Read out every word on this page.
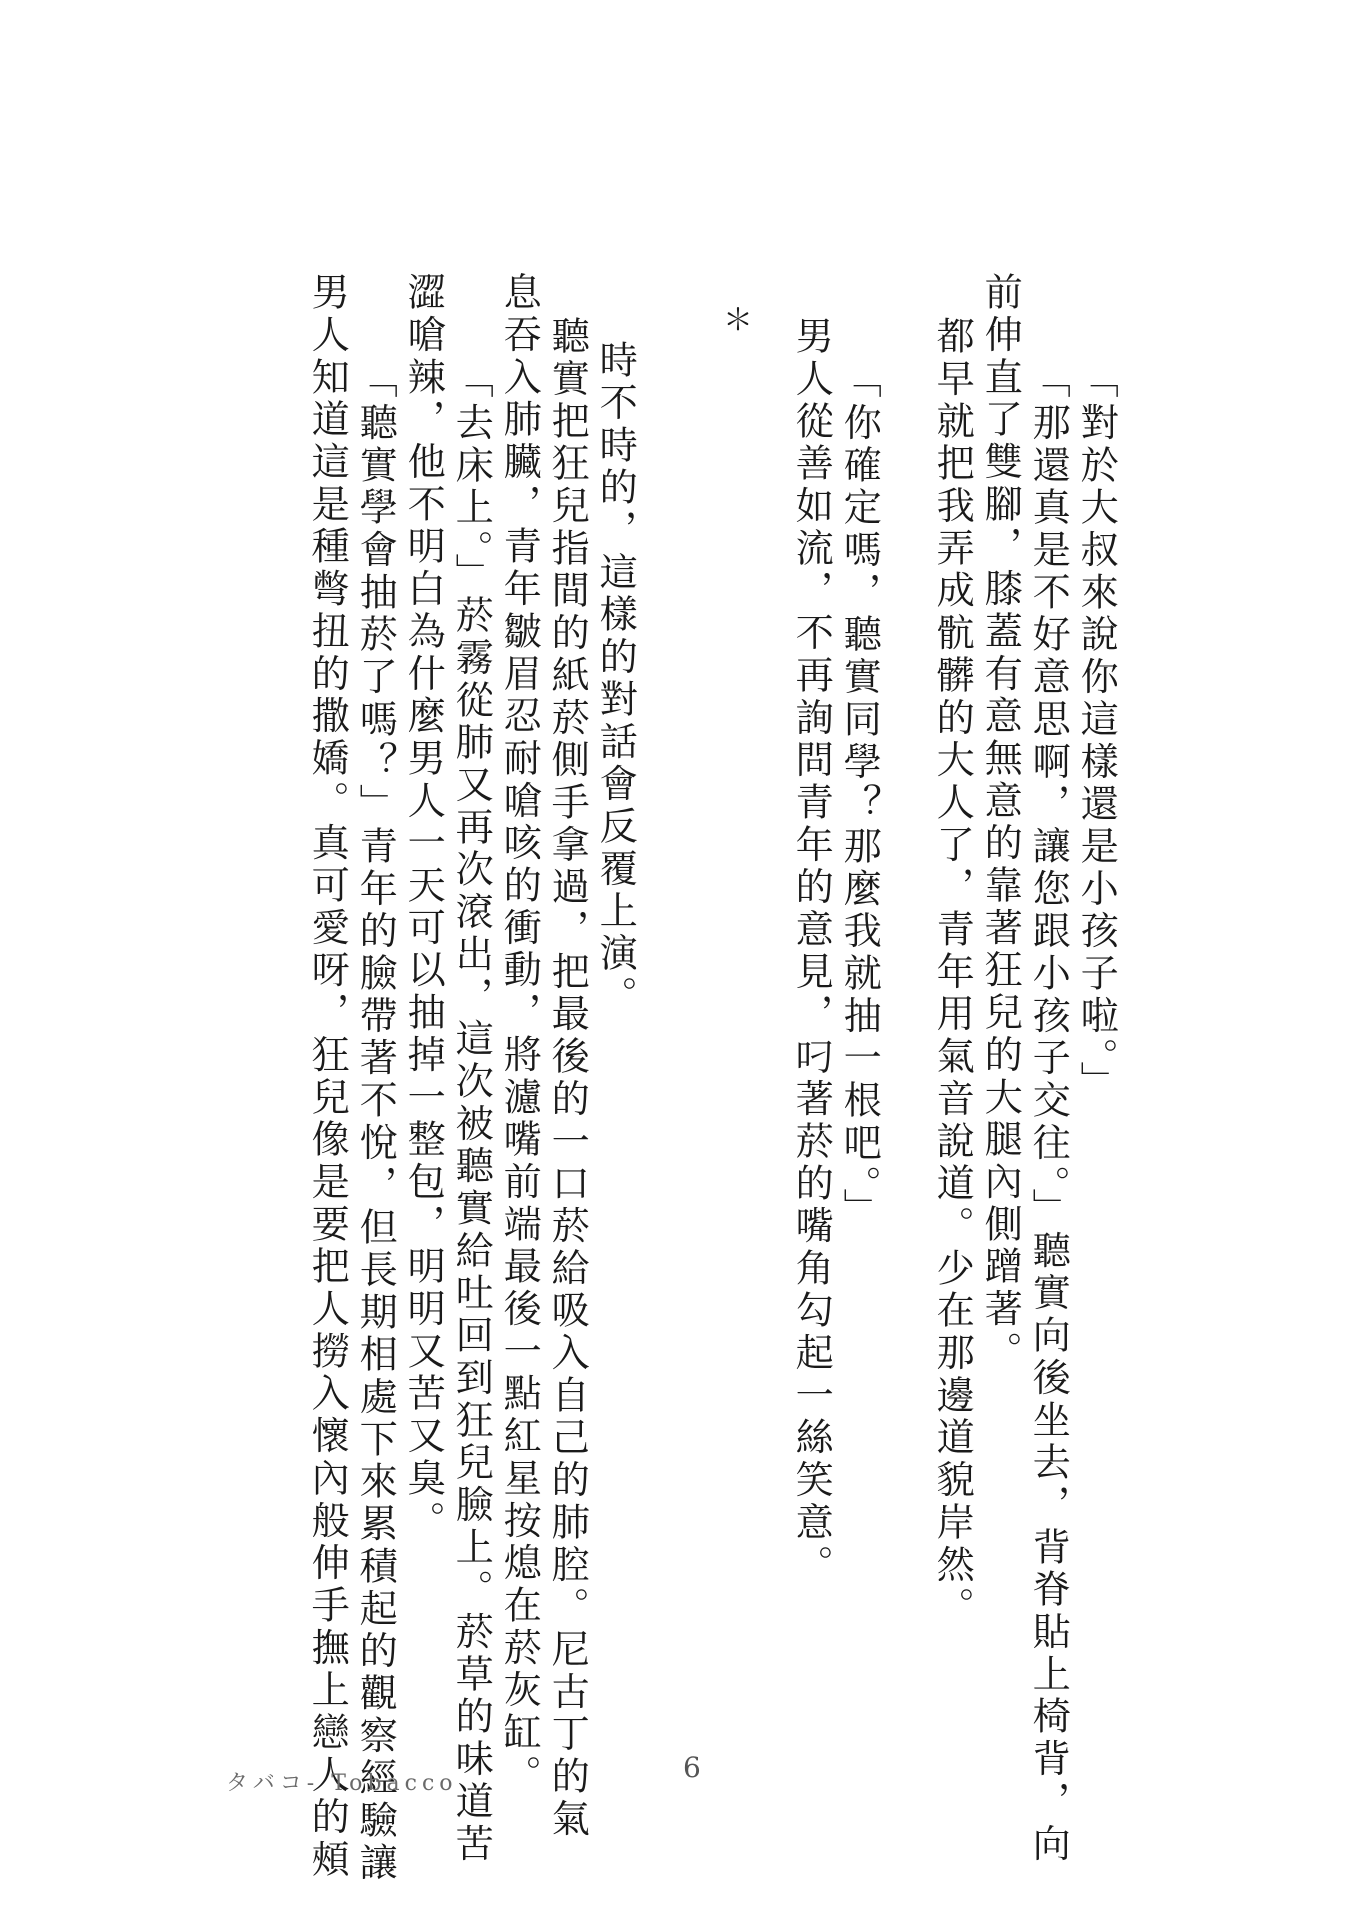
「對於大叔來說你這樣還是小孩子啦。」
「那還真是不好意思啊，讓您跟小孩子交往。」聽實向後坐去，背脊貼上椅背，向
前伸直了雙腳，膝蓋有意無意的靠著狂兒的大腿內側蹭著。
都早就把我弄成骯髒的大人了，青年用氣音說道。少在那邊道貌岸然。
「你確定嗎，聽實同學？那麼我就抽一根吧。」
男人從善如流，不再詢問青年的意見，叼著菸的嘴角勾起一絲笑意。
時不時的，這樣的對話會反覆上演。
聽實把狂兒指間的紙菸側手拿過，把最後的一口菸給吸入自己的肺腔。尼古丁的氣
息吞入肺臟，青年皺眉忍耐嗆咳的衝動，將濾嘴前端最後一點紅星按熄在菸灰缸。
「去床上。」菸霧從肺又再次滾出，這次被聽實給吐回到狂兒臉上。菸草的味道苦
澀嗆辣，他不明白為什麼男人一天可以抽掉一整包，明明又苦又臭。
「聽實學會抽菸了嗎？」青年的臉帶著不悅，但長期相處下來累積起的觀察經驗讓
男人知道這是種彆扭的撒嬌。真可愛呀，狂兒像是要把人撈入懷內般伸手撫上戀人的頰	＊
タバコ- Tobacco	6
